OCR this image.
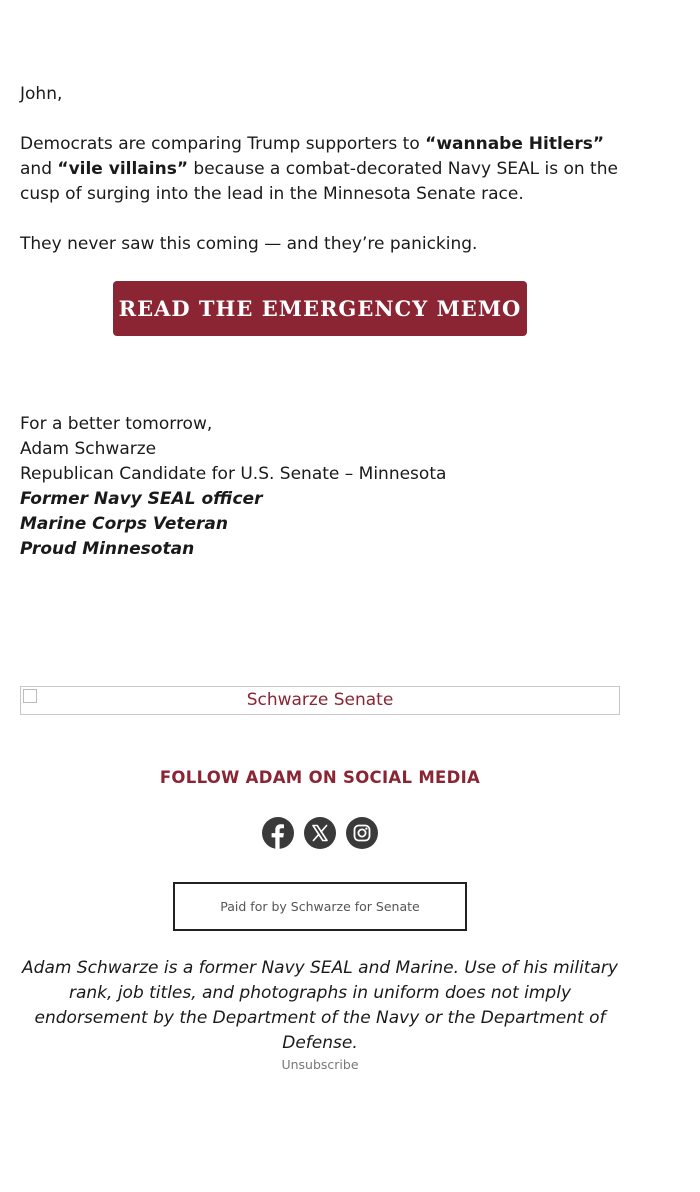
John,

Democrats are comparing Trump supporters to “wannabe Hitlers” and “vile villains” because a combat-decorated Navy SEAL is on the cusp of surging into the lead in the Minnesota Senate race.

They never saw this coming — and they’re panicking.

READ THE EMERGENCY MEMO →

For a better tomorrow,
Adam Schwarze
Republican Candidate for U.S. Senate – Minnesota
Former Navy SEAL officer
Marine Corps Veteran
Proud Minnesotan

Schwarze Senate
FOLLOW ADAM ON SOCIAL MEDIA

Paid for by Schwarze for Senate
Adam Schwarze is a former Navy SEAL and Marine. Use of his military rank, job titles, and photographs in uniform does not imply endorsement by the Department of the Navy or the Department of Defense.
Unsubscribe
